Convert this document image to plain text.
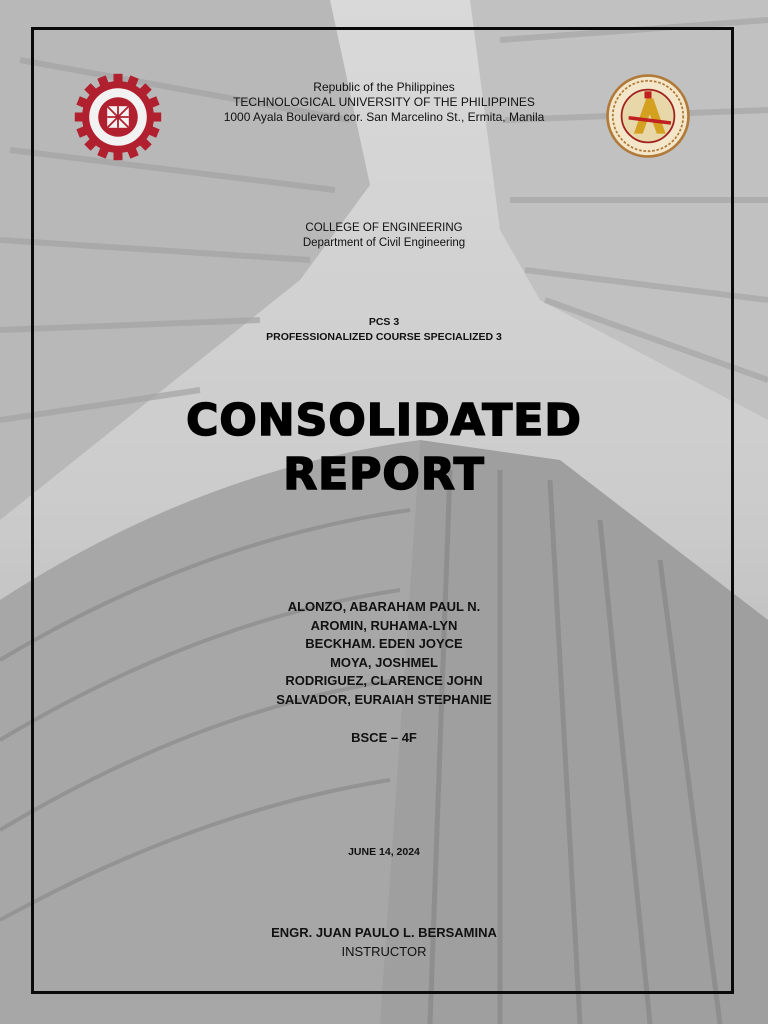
Republic of the Philippines
TECHNOLOGICAL UNIVERSITY OF THE PHILIPPINES
1000 Ayala Boulevard cor. San Marcelino St., Ermita, Manila
COLLEGE OF ENGINEERING
Department of Civil Engineering
PCS 3
PROFESSIONALIZED COURSE SPECIALIZED 3
CONSOLIDATED
REPORT
ALONZO, ABARAHAM PAUL N.
AROMIN, RUHAMA-LYN
BECKHAM. EDEN JOYCE
MOYA, JOSHMEL
RODRIGUEZ, CLARENCE JOHN
SALVADOR, EURAIAH STEPHANIE
BSCE – 4F
JUNE 14, 2024
ENGR. JUAN PAULO L. BERSAMINA
INSTRUCTOR
